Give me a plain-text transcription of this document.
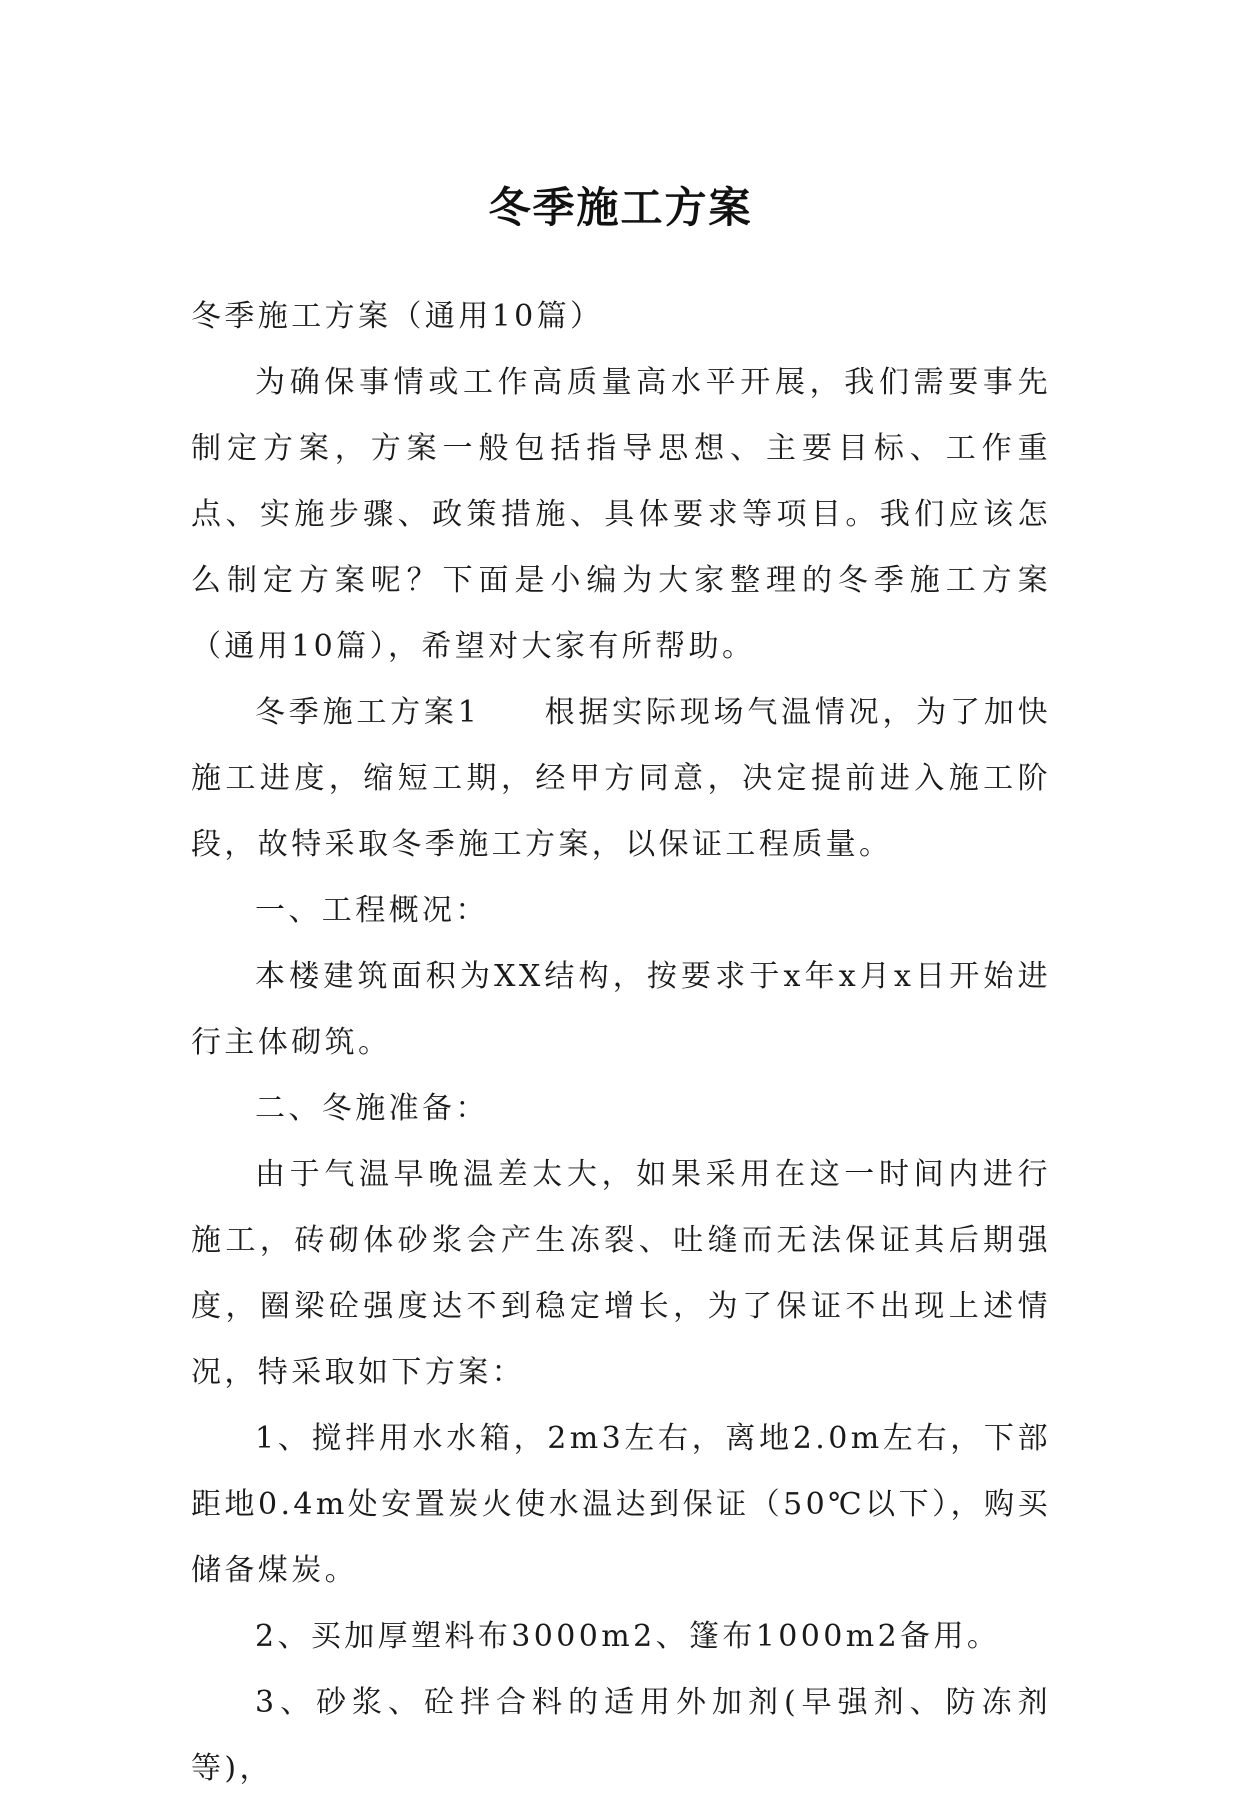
冬季施工方案

冬季施工方案（通用10篇）

为确保事情或工作高质量高水平开展，我们需要事先制定方案，方案一般包括指导思想、主要目标、工作重点、实施步骤、政策措施、具体要求等项目。我们应该怎么制定方案呢？下面是小编为大家整理的冬季施工方案（通用10篇），希望对大家有所帮助。

冬季施工方案1 根据实际现场气温情况，为了加快施工进度，缩短工期，经甲方同意，决定提前进入施工阶段，故特采取冬季施工方案，以保证工程质量。

一、工程概况：

本楼建筑面积为XX结构，按要求于x年x月x日开始进行主体砌筑。

二、冬施准备：

由于气温早晚温差太大，如果采用在这一时间内进行施工，砖砌体砂浆会产生冻裂、吐缝而无法保证其后期强度，圈梁砼强度达不到稳定增长，为了保证不出现上述情况，特采取如下方案：

1、搅拌用水水箱，2m3左右，离地2.0m左右，下部距地0.4m处安置炭火使水温达到保证（50℃以下），购买储备煤炭。

2、买加厚塑料布3000m2、篷布1000m2备用。

3、砂浆、砼拌合料的适用外加剂(早强剂、防冻剂等)，
